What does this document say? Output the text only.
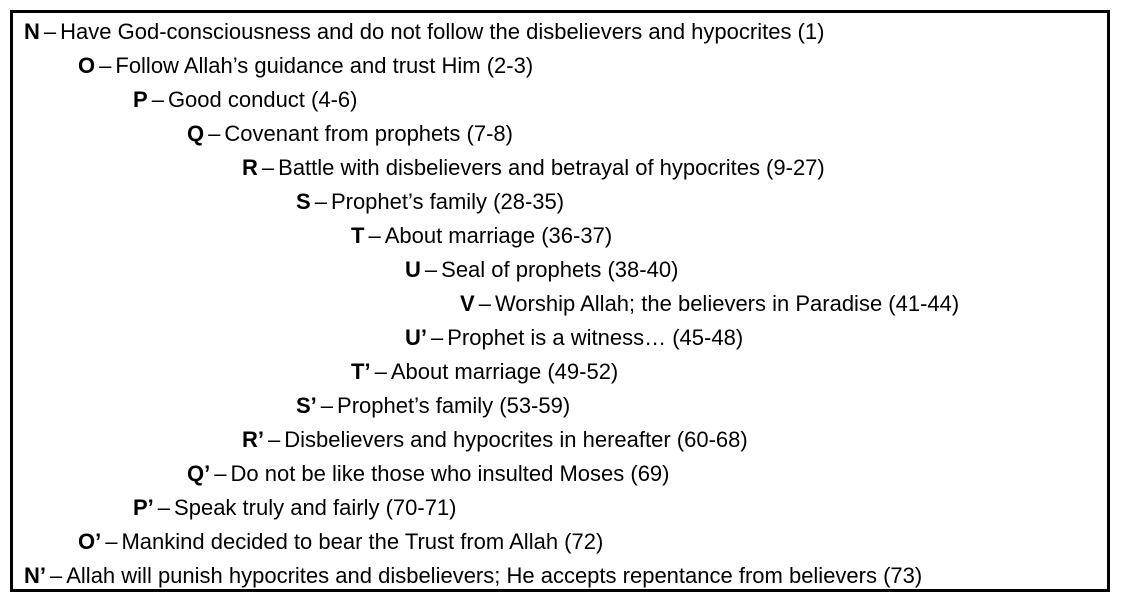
N – Have God-consciousness and do not follow the disbelievers and hypocrites (1)
O – Follow Allah’s guidance and trust Him (2-3)
P – Good conduct (4-6)
Q – Covenant from prophets (7-8)
R – Battle with disbelievers and betrayal of hypocrites (9-27)
S – Prophet’s family (28-35)
T – About marriage (36-37)
U – Seal of prophets (38-40)
V – Worship Allah; the believers in Paradise (41-44)
U’ – Prophet is a witness… (45-48)
T’ – About marriage (49-52)
S’ – Prophet’s family (53-59)
R’ – Disbelievers and hypocrites in hereafter (60-68)
Q’ – Do not be like those who insulted Moses (69)
P’ – Speak truly and fairly (70-71)
O’ – Mankind decided to bear the Trust from Allah (72)
N’ – Allah will punish hypocrites and disbelievers; He accepts repentance from believers (73)
